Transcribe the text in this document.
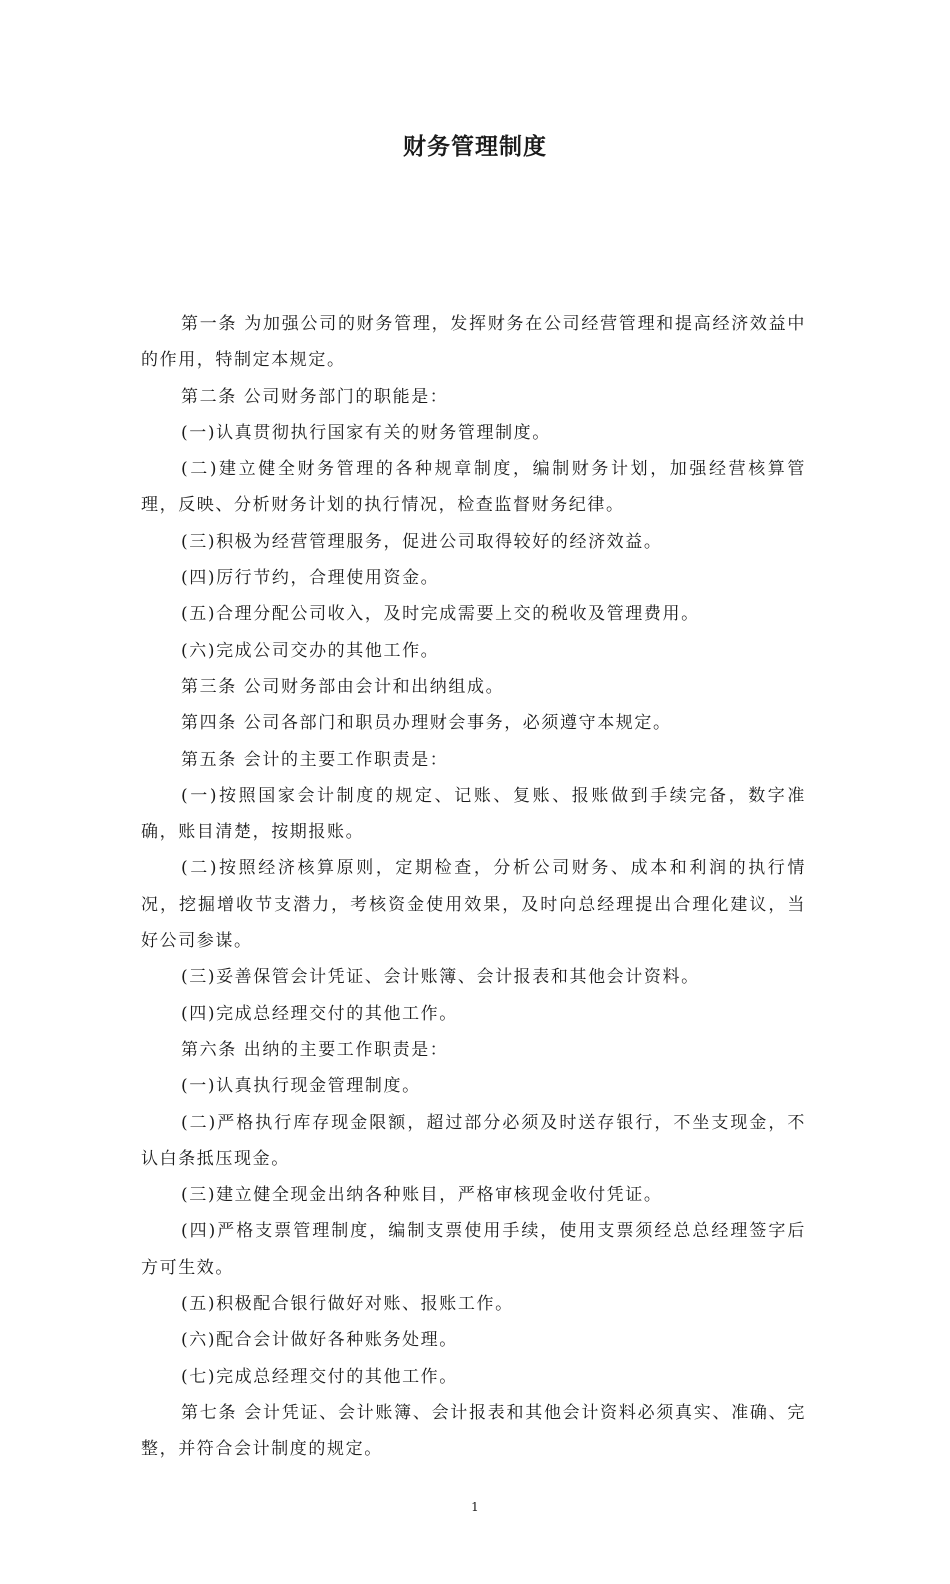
财务管理制度

第一条 为加强公司的财务管理，发挥财务在公司经营管理和提高经济效益中的作用，特制定本规定。

第二条 公司财务部门的职能是：

(一)认真贯彻执行国家有关的财务管理制度。

(二)建立健全财务管理的各种规章制度，编制财务计划，加强经营核算管理，反映、分析财务计划的执行情况，检查监督财务纪律。

(三)积极为经营管理服务，促进公司取得较好的经济效益。

(四)厉行节约，合理使用资金。

(五)合理分配公司收入，及时完成需要上交的税收及管理费用。

(六)完成公司交办的其他工作。

第三条 公司财务部由会计和出纳组成。

第四条 公司各部门和职员办理财会事务，必须遵守本规定。

第五条 会计的主要工作职责是：

(一)按照国家会计制度的规定、记账、复账、报账做到手续完备，数字准确，账目清楚，按期报账。

(二)按照经济核算原则，定期检查，分析公司财务、成本和利润的执行情况，挖掘增收节支潜力，考核资金使用效果，及时向总经理提出合理化建议，当好公司参谋。

(三)妥善保管会计凭证、会计账簿、会计报表和其他会计资料。

(四)完成总经理交付的其他工作。

第六条 出纳的主要工作职责是：

(一)认真执行现金管理制度。

(二)严格执行库存现金限额，超过部分必须及时送存银行，不坐支现金，不认白条抵压现金。

(三)建立健全现金出纳各种账目，严格审核现金收付凭证。

(四)严格支票管理制度，编制支票使用手续，使用支票须经总总经理签字后方可生效。

(五)积极配合银行做好对账、报账工作。

(六)配合会计做好各种账务处理。

(七)完成总经理交付的其他工作。

第七条 会计凭证、会计账簿、会计报表和其他会计资料必须真实、准确、完整，并符合会计制度的规定。

1
